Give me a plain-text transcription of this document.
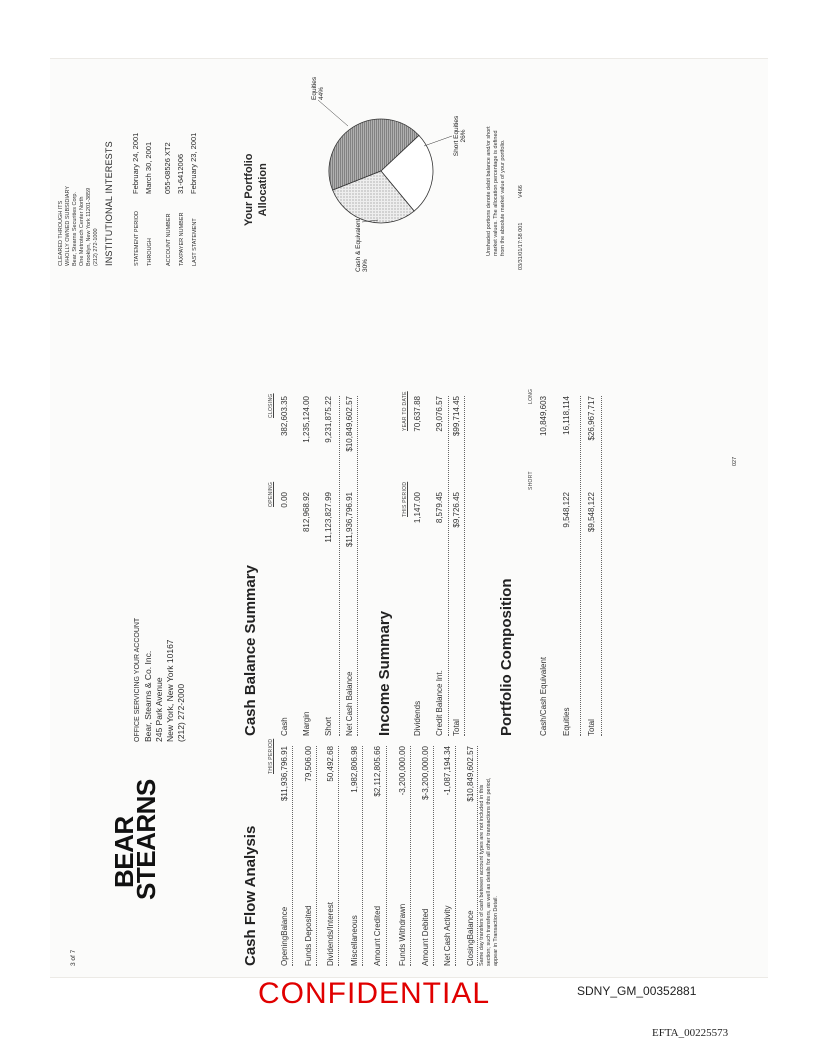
3 of 7
BEAR
STEARNS
OFFICE SERVICING YOUR ACCOUNT Bear, Stearns & Co. Inc. 245 Park Avenue New York, New York 10167 (212) 272-2000
CLEARED THROUGH ITS WHOLLY OWNED SUBSIDIARY Bear, Stearns Securities Corp. One Metrotech Center North Brooklyn, New York 11201-3859 (212) 272-1000 INSTITUTIONAL INTERESTS	STATEMENT PERIODFebruary 24, 2001
THROUGHMarch 30, 2001
ACCOUNT NUMBER055-08526 XT2
TAXPAYER NUMBER31-6412006
LAST STATEMENTFebruary 23, 2001
Cash Flow Analysis
THIS PERIOD
OpeningBalance
$11,936,796.91
Funds Deposited
79,506.00
Dividends/Interest
50,492.68
Miscellaneous
1,982,806.98
Amount Credited
$2,112,805.66
Funds Withdrawn
-3,200,000.00
Amount Debited
$-3,200,000.00
Net Cash Activity
-1,087,194.34
ClosingBalance
$10,849,602.57
Same day transfers of cash between account types are not included in this section; such transfers, as well as details for all other transactions this period, appear in Transaction Detail.
Cash Balance Summary
OPENING
CLOSING
Cash
0.00
382,603.35
Margin
812,968.92
1,235,124.00
Short
11,123,827.99
9,231,875.22
Net Cash Balance
$11,936,796.91
$10,849,602.57
Income Summary
THIS PERIOD
YEAR TO DATE
Dividends
1,147.00
70,637.88
Credit Balance Int.
8,579.45
29,076.57
Total
$9,726.45
$99,714.45
Portfolio Composition
SHORT
LONG
Cash/Cash Equivalent
10,849,603
Equities
9,548,122
16,118,114
Total
$9,548,122
$26,967,717
Your Portfolio Allocation
Equities44%
Short Equities26%
Cash & Equivalent30%
Unshaded portions denote debit balance and/or short market values. The allocation percentage is defined from the absolute market value of your portfolio. 03/31/01/17:58 001
V466
027
CONFIDENTIAL	SDNY_GM_00352881
EFTA_00225573
